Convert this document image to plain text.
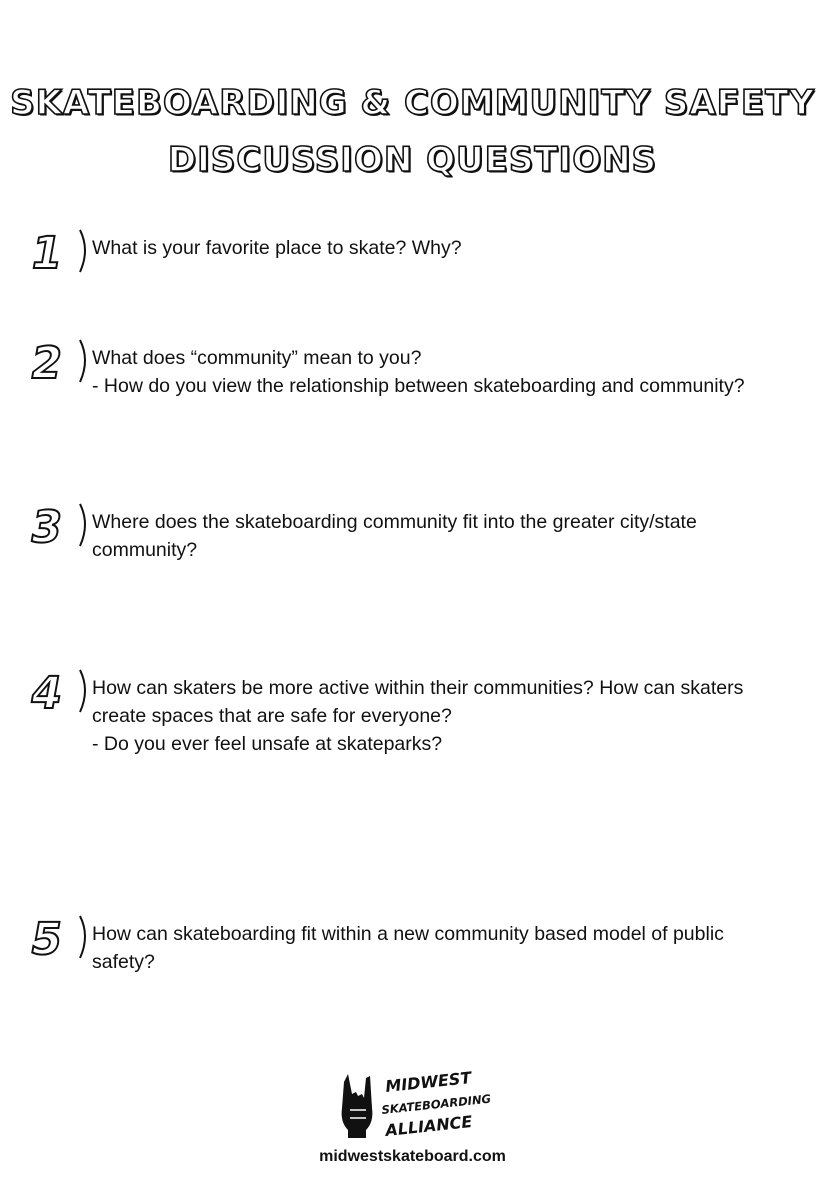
SKATEBOARDING & COMMUNITY SAFETY
DISCUSSION QUESTIONS
1 What is your favorite place to skate? Why?
2 What does “community” mean to you?
- How do you view the relationship between skateboarding and community?
3 Where does the skateboarding community fit into the greater city/state
community?
4 How can skaters be more active within their communities? How can skaters
create spaces that are safe for everyone?
- Do you ever feel unsafe at skateparks?
5 How can skateboarding fit within a new community based model of public
safety?
MIDWEST
SKATEBOARDING
ALLIANCE
midwestskateboard.com
